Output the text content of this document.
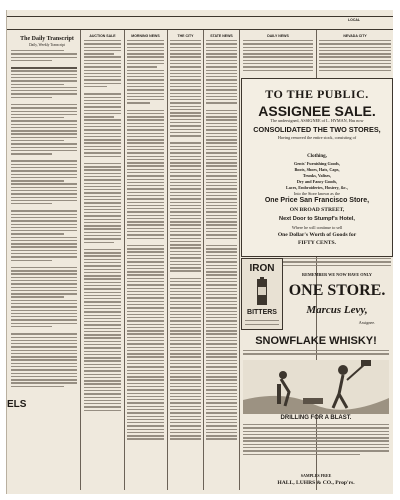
The Daily Transcript
Daily, Weekly Transcript
AUCTION SALE	MORNING NEWS	THE CITY	STATE NEWS	DAILY NEWS	NEVADA CITY
TO THE PUBLIC.
ASSIGNEE SALE.
The undersigned, ASSIGNEE of L. HYMAN, Has now
CONSOLIDATED THE TWO STORES,
Having removed the entire stock, consisting of
Clothing,
Gents' Furnishing Goods,
Boots, Shoes, Hats, Caps,
Trunks, Valises,
Dry and Fancy Goods,
Laces, Embroideries, Hosiery, &c.,
Into the Store known as the
One Price San Francisco Store,
ON BROAD STREET,
Next Door to Stumpf's Hotel,
Where he will continue to sell
One Dollar's Worth of Goods for
FIFTY CENTS.
IRON
BITTERS
REMEMBER WE NOW HAVE ONLY
ONE STORE.
Marcus Levy,
Assignee.
SNOWFLAKE WHISKY!
DRILLING FOR A BLAST.
SAMPLES FREE
HALL, LUHRS & CO., Prop'rs.
LOCAL
ELS
